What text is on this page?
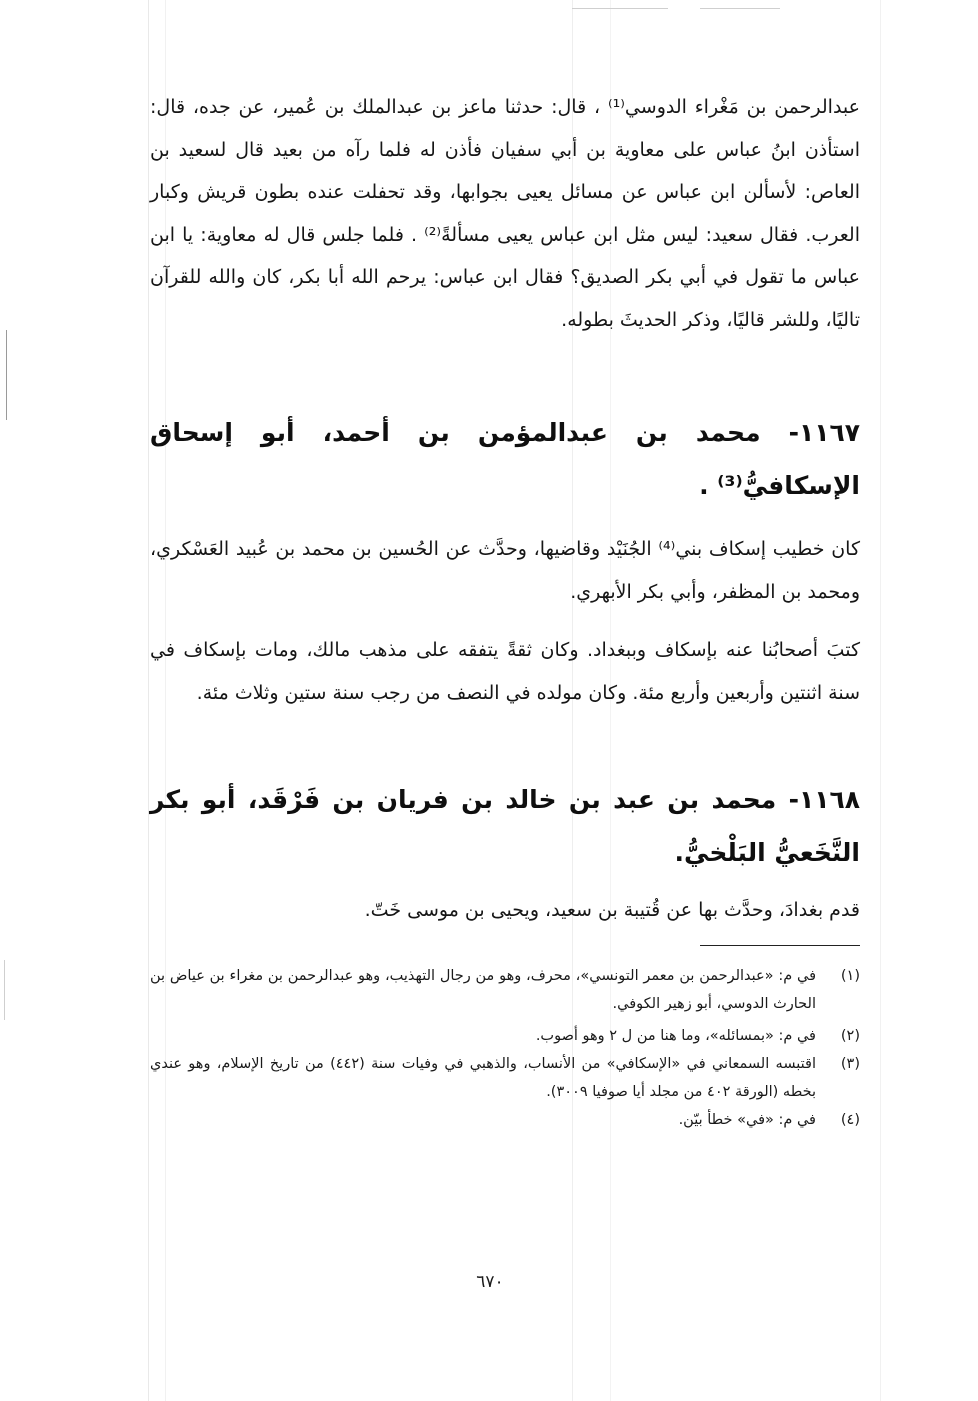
عبدالرحمن بن مَغْراء الدوسي⁽¹⁾ ، قال: حدثنا ماعز بن عبدالملك بن عُمير، عن جده، قال: استأذن ابنُ عباس على معاوية بن أبي سفيان فأذن له فلما رآه من بعيد قال لسعيد بن العاص: لأسألن ابن عباس عن مسائل يعيى بجوابها، وقد تحفلت عنده بطون قريش وكبار العرب. فقال سعيد: ليس مثل ابن عباس يعيى مسألةً⁽²⁾ . فلما جلس قال له معاوية: يا ابن عباس ما تقول في أبي بكر الصديق؟ فقال ابن عباس: يرحم الله أبا بكر، كان والله للقرآن تاليًا، وللشر قاليًا، وذكر الحديثَ بطوله.
١١٦٧- محمد بن عبدالمؤمن بن أحمد، أبو إسحاق الإسكافيُّ⁽³⁾ .
كان خطيب إسكاف بني⁽⁴⁾ الجُنَيْد وقاضيها، وحدَّث عن الحُسين بن محمد بن عُبيد العَسْكري، ومحمد بن المظفر، وأبي بكر الأبهري.
كتبَ أصحابُنا عنه بإسكاف وببغداد. وكان ثقةً يتفقه على مذهب مالك، ومات بإسكاف في سنة اثنتين وأربعين وأربع مئة. وكان مولده في النصف من رجب سنة ستين وثلاث مئة.
١١٦٨- محمد بن عبد بن خالد بن فريان بن فَرْقَد، أبو بكر النَّخَعيُّ البَلْخيُّ.
قدم بغدادَ، وحدَّث بها عن قُتيبة بن سعيد، ويحيى بن موسى خَتّ.
(١)
في م: «عبدالرحمن بن معمر التونسي»، محرف، وهو من رجال التهذيب، وهو عبدالرحمن بن مغراء بن عياض بن الحارث الدوسي، أبو زهير الكوفي.
(٢)
في م: «بمسائله»، وما هنا من ل ٢ وهو أصوب.
(٣)
اقتبسه السمعاني في «الإسكافي» من الأنساب، والذهبي في وفيات سنة (٤٤٢) من تاريخ الإسلام، وهو عندي بخطه (الورقة ٤٠٢ من مجلد أيا صوفيا ٣٠٠٩).
(٤)
في م: «في» خطأ بيّن.
٦٧٠
